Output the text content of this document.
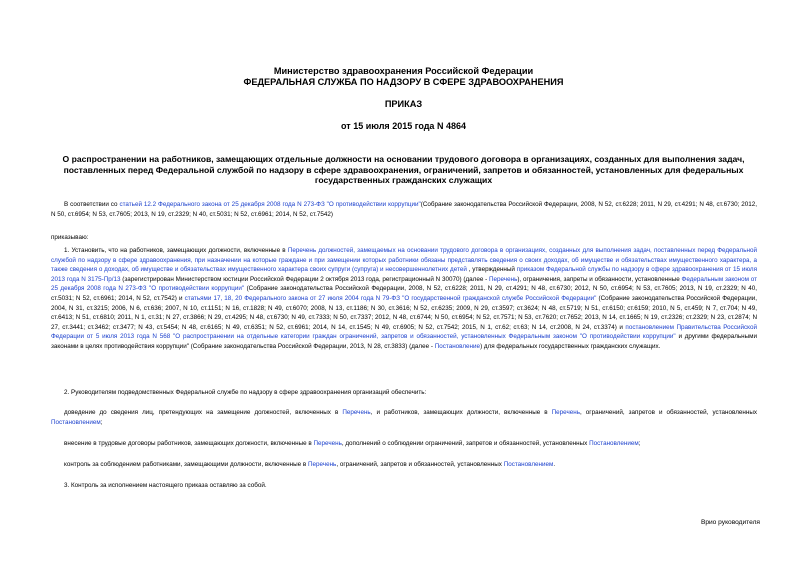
Министерство здравоохранения Российской Федерации
ФЕДЕРАЛЬНАЯ СЛУЖБА ПО НАДЗОРУ В СФЕРЕ ЗДРАВООХРАНЕНИЯ
ПРИКАЗ
от 15 июля 2015 года N 4864
О распространении на работников, замещающих отдельные должности на основании трудового договора в организациях, созданных для выполнения задач, поставленных перед Федеральной службой по надзору в сфере здравоохранения, ограничений, запретов и обязанностей, установленных для федеральных государственных гражданских служащих
В соответствии со статьей 12.2 Федерального закона от 25 декабря 2008 года N 273-ФЗ "О противодействии коррупции"(Собрание законодательства Российской Федерации, 2008, N 52, ст.6228; 2011, N 29, ст.4291; N 48, ст.6730; 2012, N 50, ст.6954; N 53, ст.7605; 2013, N 19, ст.2329; N 40, ст.5031; N 52, ст.6961; 2014, N 52, ст.7542)
приказываю:
1. Установить, что на работников, замещающих должности, включенные в Перечень должностей, замещаемых на основании трудового договора в организациях, созданных для выполнения задач, поставленных перед Федеральной службой по надзору в сфере здравоохранения, при назначении на которые граждане и при замещении которых работники обязаны представлять сведения о своих доходах, об имуществе и обязательствах имущественного характера, а также сведения о доходах, об имуществе и обязательствах имущественного характера своих супруги (супруга) и несовершеннолетних детей , утвержденный приказом Федеральной службы по надзору в сфере здравоохранения от 15 июля 2013 года N 3175-Пр/13 (зарегистрирован Министерством юстиции Российской Федерации 2 октября 2013 года, регистрационный N 30070) (далее - Перечень), ограничения, запреты и обязанности, установленные Федеральным законом от 25 декабря 2008 года N 273-ФЗ "О противодействии коррупции" (Собрание законодательства Российской Федерации, 2008, N 52, ст.6228; 2011, N 29, ст.4291; N 48, ст.6730; 2012, N 50, ст.6954; N 53, ст.7605; 2013, N 19, ст.2329; N 40, ст.5031; N 52, ст.6961; 2014, N 52, ст.7542) и статьями 17, 18, 20 Федерального закона от 27 июля 2004 года N 79-ФЗ "О государственной гражданской службе Российской Федерации" (Собрание законодательства Российской Федерации, 2004, N 31, ст.3215; 2006, N 6, ст.636; 2007, N 10, ст.1151; N 16, ст.1828; N 49, ст.6070; 2008, N 13, ст.1186; N 30, ст.3616; N 52, ст.6235; 2009, N 29, ст.3597; ст.3624; N 48, ст.5719; N 51, ст.6150; ст.6159; 2010, N 5, ст.459; N 7, ст.704; N 49, ст.6413; N 51, ст.6810; 2011, N 1, ст.31; N 27, ст.3866; N 29, ст.4295; N 48, ст.6730; N 49, ст.7333; N 50, ст.7337; 2012, N 48, ст.6744; N 50, ст.6954; N 52, ст.7571; N 53, ст.7620; ст.7652; 2013, N 14, ст.1665; N 19, ст.2326; ст.2329; N 23, ст.2874; N 27, ст.3441; ст.3462; ст.3477; N 43, ст.5454; N 48, ст.6165; N 49, ст.6351; N 52, ст.6961; 2014, N 14, ст.1545; N 49, ст.6905; N 52, ст.7542; 2015, N 1, ст.62; ст.63; N 14, ст.2008, N 24, ст.3374) и постановлением Правительства Российской Федерации от 5 июля 2013 года N 568 "О распространении на отдельные категории граждан ограничений, запретов и обязанностей, установленных Федеральным законом "О противодействии коррупции" и другими федеральными законами в целях противодействия коррупции" (Собрание законодательства Российской Федерации, 2013, N 28, ст.3833) (далее - Постановление) для федеральных государственных гражданских служащих.
2. Руководителям подведомственных Федеральной службе по надзору в сфере здравоохранения организаций обеспечить:
доведение до сведения лиц, претендующих на замещение должностей, включенных в Перечень, и работников, замещающих должности, включенные в Перечень, ограничений, запретов и обязанностей, установленных Постановлением;
внесение в трудовые договоры работников, замещающих должности, включенные в Перечень, дополнений о соблюдении ограничений, запретов и обязанностей, установленных Постановлением;
контроль за соблюдением работниками, замещающими должности, включенные в Перечень, ограничений, запретов и обязанностей, установленных Постановлением.
3. Контроль за исполнением настоящего приказа оставляю за собой.
Врио руководителя
